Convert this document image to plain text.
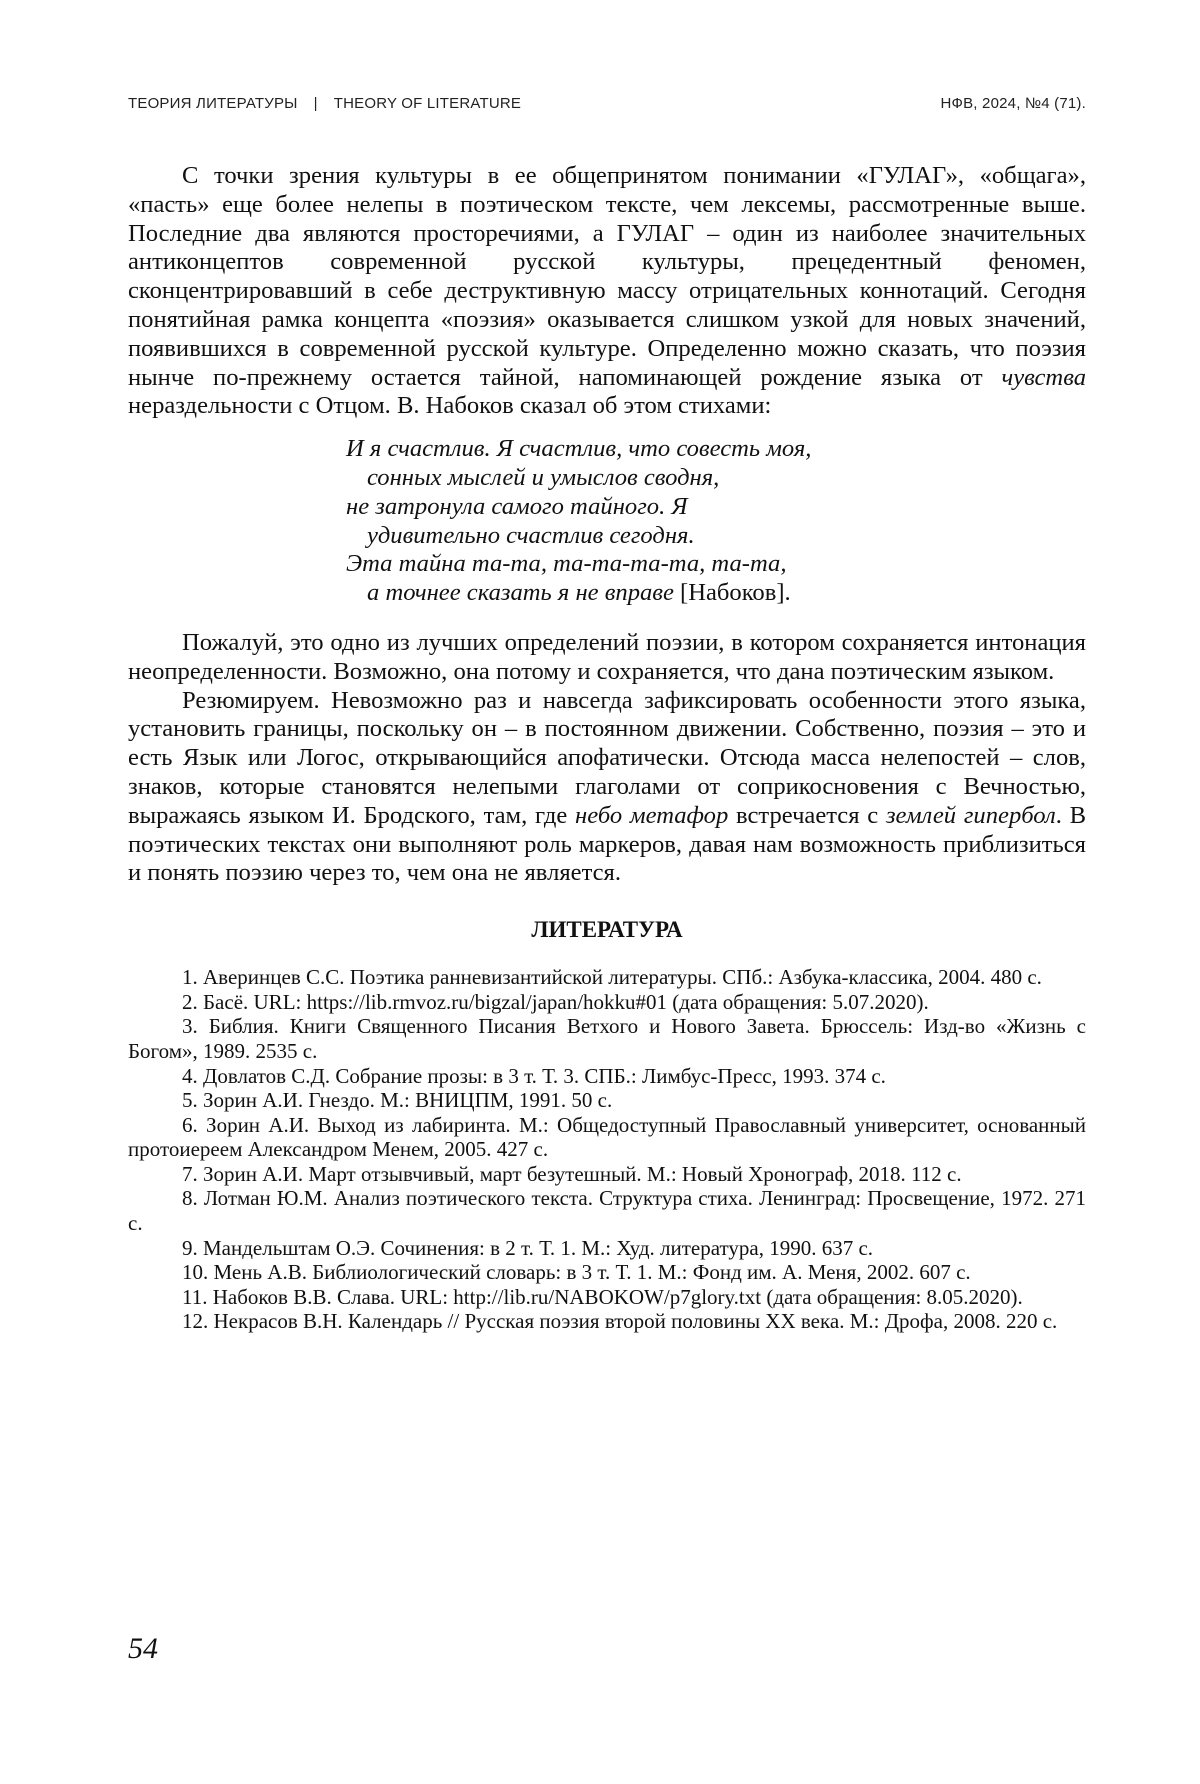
ТЕОРИЯ ЛИТЕРАТУРЫ | THEORY OF LITERATURE	НФВ, 2024, №4 (71).

С точки зрения культуры в ее общепринятом понимании «ГУЛАГ», «общага», «пасть» еще более нелепы в поэтическом тексте, чем лексемы, рассмотренные выше. Последние два являются просторечиями, а ГУЛАГ – один из наиболее значительных антиконцептов современной русской культуры, прецедентный феномен, сконцентрировавший в себе деструктивную массу отрицательных коннотаций. Сегодня понятийная рамка концепта «поэзия» оказывается слишком узкой для новых значений, появившихся в современной русской культуре. Определенно можно сказать, что поэзия нынче по-прежнему остается тайной, напоминающей рождение языка от чувства нераздельности с Отцом. В. Набоков сказал об этом стихами:

И я счастлив. Я счастлив, что совесть моя,
сонных мыслей и умыслов сводня,
не затронула самого тайного. Я
удивительно счастлив сегодня.
Эта тайна та-та, та-та-та-та, та-та,
а точнее сказать я не вправе [Набоков].

Пожалуй, это одно из лучших определений поэзии, в котором сохраняется интонация неопределенности. Возможно, она потому и сохраняется, что дана поэтическим языком.

Резюмируем. Невозможно раз и навсегда зафиксировать особенности этого языка, установить границы, поскольку он – в постоянном движении. Собственно, поэзия – это и есть Язык или Логос, открывающийся апофатически. Отсюда масса нелепостей – слов, знаков, которые становятся нелепыми глаголами от соприкосновения с Вечностью, выражаясь языком И. Бродского, там, где небо метафор встречается с землей гипербол. В поэтических текстах они выполняют роль маркеров, давая нам возможность приблизиться и понять поэзию через то, чем она не является.

ЛИТЕРАТУРА

1. Аверинцев С.С. Поэтика ранневизантийской литературы. СПб.: Азбука-классика, 2004. 480 с.

2. Басё. URL: https://lib.rmvoz.ru/bigzal/japan/hokku#01 (дата обращения: 5.07.2020).

3. Библия. Книги Священного Писания Ветхого и Нового Завета. Брюссель: Изд-во «Жизнь с Богом», 1989. 2535 с.

4. Довлатов С.Д. Собрание прозы: в 3 т. Т. 3. СПБ.: Лимбус-Пресс, 1993. 374 с.

5. Зорин А.И. Гнездо. М.: ВНИЦПМ, 1991. 50 с.

6. Зорин А.И. Выход из лабиринта. М.: Общедоступный Православный университет, основанный протоиереем Александром Менем, 2005. 427 с.

7. Зорин А.И. Март отзывчивый, март безутешный. М.: Новый Хронограф, 2018. 112 с.

8. Лотман Ю.М. Анализ поэтического текста. Структура стиха. Ленинград: Просвещение, 1972. 271 с.

9. Мандельштам О.Э. Сочинения: в 2 т. Т. 1. М.: Худ. литература, 1990. 637 с.

10. Мень А.В. Библиологический словарь: в 3 т. Т. 1. М.: Фонд им. А. Меня, 2002. 607 с.

11. Набоков В.В. Слава. URL: http://lib.ru/NABOKOW/p7glory.txt (дата обращения: 8.05.2020).

12. Некрасов В.Н. Календарь // Русская поэзия второй половины XX века. М.: Дрофа, 2008. 220 с.

54
